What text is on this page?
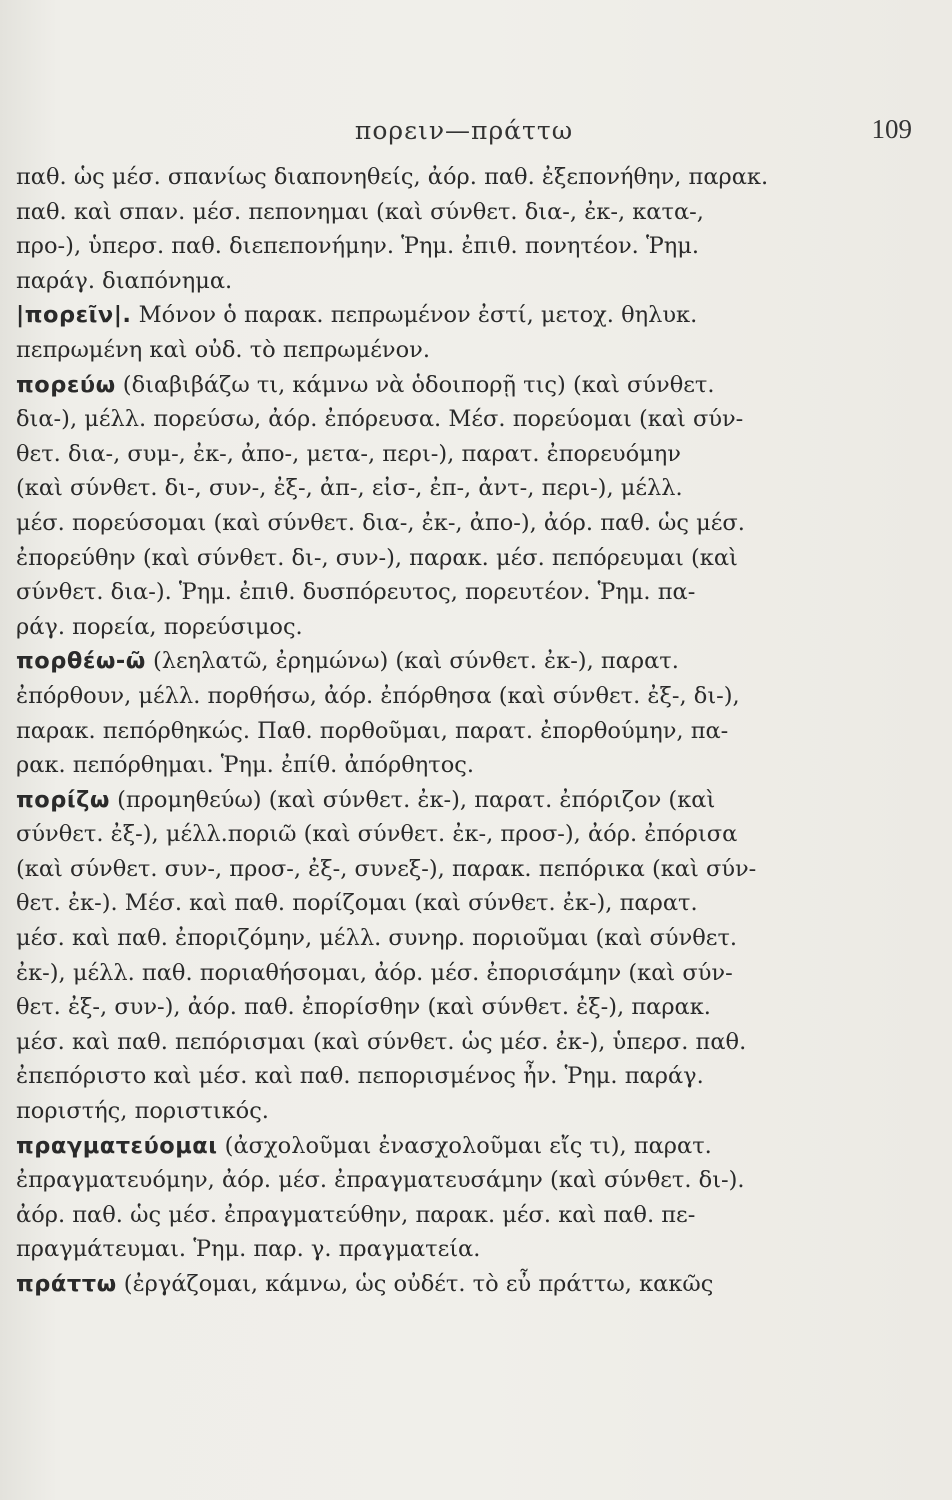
πορειν—πράττω	109
παθ. ὡς μέσ. σπανίως διαπονηθείς, ἀόρ. παθ. ἐξεπονήθην, παρακ.
παθ. καὶ σπαν. μέσ. πεπονημαι (καὶ σύνθετ. δια-, ἐκ-, κατα-,
προ-), ὑπερσ. παθ. διεπεπονήμην. Ῥημ. ἐπιθ. πονητέον. Ῥημ.
παράγ. διαπόνημα.
|πορεῖν|. Μόνον ὁ παρακ. πεπρωμένον ἐστί, μετοχ. θηλυκ.
πεπρωμένη καὶ οὐδ. τὸ πεπρωμένον.
πορεύω (διαβιβάζω τι, κάμνω νὰ ὁδοιπορῇ τις) (καὶ σύνθετ.
δια-), μέλλ. πορεύσω, ἀόρ. ἐπόρευσα. Μέσ. πορεύομαι (καὶ σύν-
θετ. δια-, συμ-, ἐκ-, ἀπο-, μετα-, περι-), παρατ. ἐπορευόμην
(καὶ σύνθετ. δι-, συν-, ἐξ-, ἀπ-, εἰσ-, ἐπ-, ἀντ-, περι-), μέλλ.
μέσ. πορεύσομαι (καὶ σύνθετ. δια-, ἐκ-, ἀπο-), ἀόρ. παθ. ὡς μέσ.
ἐπορεύθην (καὶ σύνθετ. δι-, συν-), παρακ. μέσ. πεπόρευμαι (καὶ
σύνθετ. δια-). Ῥημ. ἐπιθ. δυσπόρευτος, πορευτέον. Ῥημ. πα-
ράγ. πορεία, πορεύσιμος.
πορθέω-ῶ (λεηλατῶ, ἐρημώνω) (καὶ σύνθετ. ἐκ-), παρατ.
ἐπόρθουν, μέλλ. πορθήσω, ἀόρ. ἐπόρθησα (καὶ σύνθετ. ἐξ-, δι-),
παρακ. πεπόρθηκώς. Παθ. πορθοῦμαι, παρατ. ἐπορθούμην, πα-
ρακ. πεπόρθημαι. Ῥημ. ἐπίθ. ἀπόρθητος.
πορίζω (προμηθεύω) (καὶ σύνθετ. ἐκ-), παρατ. ἐπόριζον (καὶ
σύνθετ. ἐξ-), μέλλ.ποριῶ (καὶ σύνθετ. ἐκ-, προσ-), ἀόρ. ἐπόρισα
(καὶ σύνθετ. συν-, προσ-, ἐξ-, συνεξ-), παρακ. πεπόρικα (καὶ σύν-
θετ. ἐκ-). Μέσ. καὶ παθ. πορίζομαι (καὶ σύνθετ. ἐκ-), παρατ.
μέσ. καὶ παθ. ἐποριζόμην, μέλλ. συνηρ. ποριοῦμαι (καὶ σύνθετ.
ἐκ-), μέλλ. παθ. ποριαθήσομαι, ἀόρ. μέσ. ἐπορισάμην (καὶ σύν-
θετ. ἐξ-, συν-), ἀόρ. παθ. ἐπορίσθην (καὶ σύνθετ. ἐξ-), παρακ.
μέσ. καὶ παθ. πεπόρισμαι (καὶ σύνθετ. ὡς μέσ. ἐκ-), ὑπερσ. παθ.
ἐπεπόριστο καὶ μέσ. καὶ παθ. πεπορισμένος ἦν. Ῥημ. παράγ.
ποριστής, ποριστικός.
πραγματεύομαι (ἀσχολοῦμαι ἐνασχολοῦμαι εἴς τι), παρατ.
ἐπραγματευόμην, ἀόρ. μέσ. ἐπραγματευσάμην (καὶ σύνθετ. δι-).
ἀόρ. παθ. ὡς μέσ. ἐπραγματεύθην, παρακ. μέσ. καὶ παθ. πε-
πραγμάτευμαι. Ῥημ. παρ. γ. πραγματεία.
πράττω (ἐργάζομαι, κάμνω, ὡς οὐδέτ. τὸ εὖ πράττω, κακῶς
